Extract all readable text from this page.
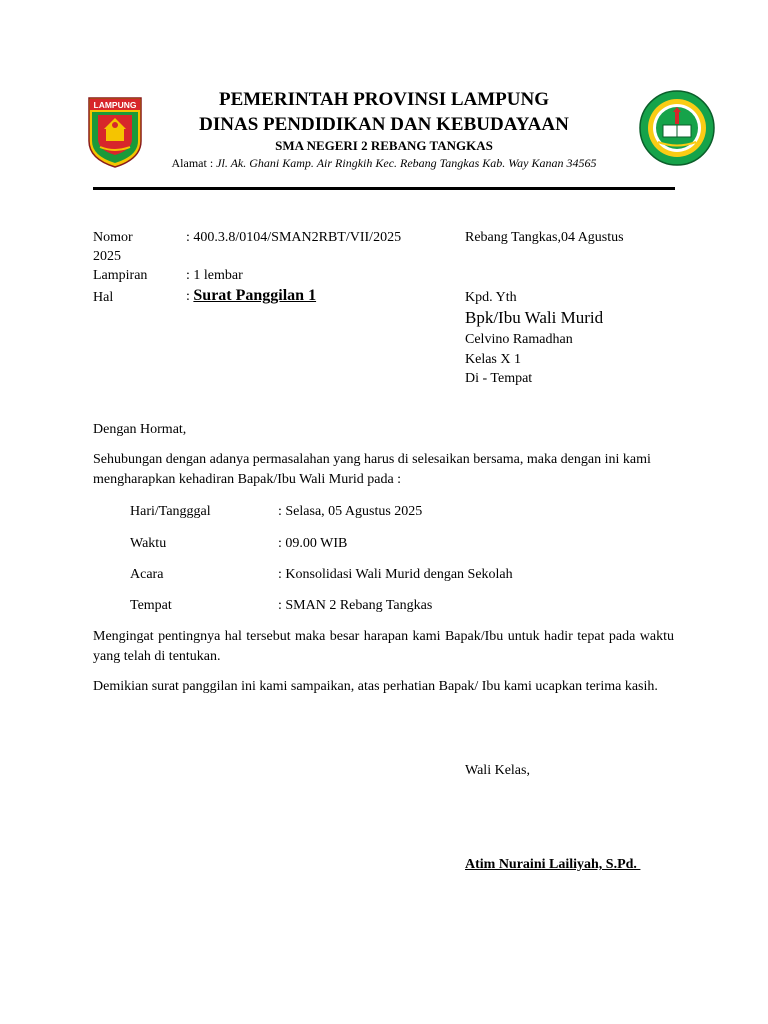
LAMPUNG	PEMERINTAH PROVINSI LAMPUNG
DINAS PENDIDIKAN DAN KEBUDAYAAN
SMA NEGERI 2 REBANG TANGKAS
Alamat : Jl. Ak. Ghani Kamp. Air Ringkih Kec. Rebang Tangkas Kab. Way Kanan 34565
Nomor	: 400.3.8/0104/SMAN2RBT/VII/2025	Rebang Tangkas,04 Agustus
2025
Lampiran	: 1 lembar
Hal	: Surat Panggilan 1	Kpd. Yth
Bpk/Ibu Wali Murid
Celvino Ramadhan
Kelas X 1
Di - Tempat
Dengan Hormat,
Sehubungan dengan adanya permasalahan yang harus di selesaikan bersama, maka dengan ini kami mengharapkan kehadiran Bapak/Ibu Wali Murid pada :
Hari/Tangggal	: Selasa, 05 Agustus 2025
Waktu	: 09.00 WIB
Acara	: Konsolidasi Wali Murid dengan Sekolah
Tempat	: SMAN 2 Rebang Tangkas
Mengingat pentingnya hal tersebut maka besar harapan kami Bapak/Ibu untuk hadir tepat pada waktu yang telah di tentukan.
Demikian surat panggilan ini kami sampaikan, atas perhatian Bapak/ Ibu kami ucapkan terima kasih.
Wali Kelas,
Atim Nuraini Lailiyah, S.Pd.
